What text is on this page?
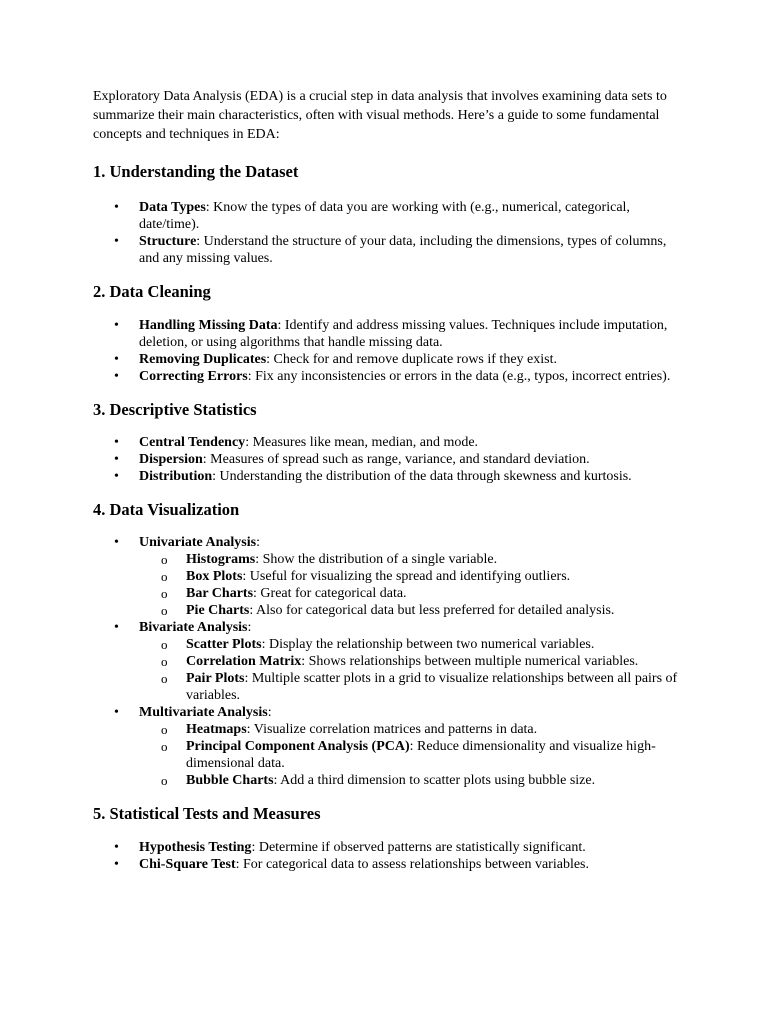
Exploratory Data Analysis (EDA) is a crucial step in data analysis that involves examining data sets to summarize their main characteristics, often with visual methods. Here’s a guide to some fundamental concepts and techniques in EDA:

1. Understanding the Dataset
• Data Types: Know the types of data you are working with (e.g., numerical, categorical, date/time).
• Structure: Understand the structure of your data, including the dimensions, types of columns, and any missing values.
2. Data Cleaning
• Handling Missing Data: Identify and address missing values. Techniques include imputation, deletion, or using algorithms that handle missing data.
• Removing Duplicates: Check for and remove duplicate rows if they exist.
• Correcting Errors: Fix any inconsistencies or errors in the data (e.g., typos, incorrect entries).
3. Descriptive Statistics
• Central Tendency: Measures like mean, median, and mode.
• Dispersion: Measures of spread such as range, variance, and standard deviation.
• Distribution: Understanding the distribution of the data through skewness and kurtosis.
4. Data Visualization
• Univariate Analysis:
o	Histograms: Show the distribution of a single variable.
o	Box Plots: Useful for visualizing the spread and identifying outliers.
o	Bar Charts: Great for categorical data.
o	Pie Charts: Also for categorical data but less preferred for detailed analysis.
• Bivariate Analysis:
o	Scatter Plots: Display the relationship between two numerical variables.
o	Correlation Matrix: Shows relationships between multiple numerical variables.
o	Pair Plots: Multiple scatter plots in a grid to visualize relationships between all pairs of variables.
• Multivariate Analysis:
o	Heatmaps: Visualize correlation matrices and patterns in data.
o	Principal Component Analysis (PCA): Reduce dimensionality and visualize high-dimensional data.
o	Bubble Charts: Add a third dimension to scatter plots using bubble size.
5. Statistical Tests and Measures
• Hypothesis Testing: Determine if observed patterns are statistically significant.
• Chi-Square Test: For categorical data to assess relationships between variables.
